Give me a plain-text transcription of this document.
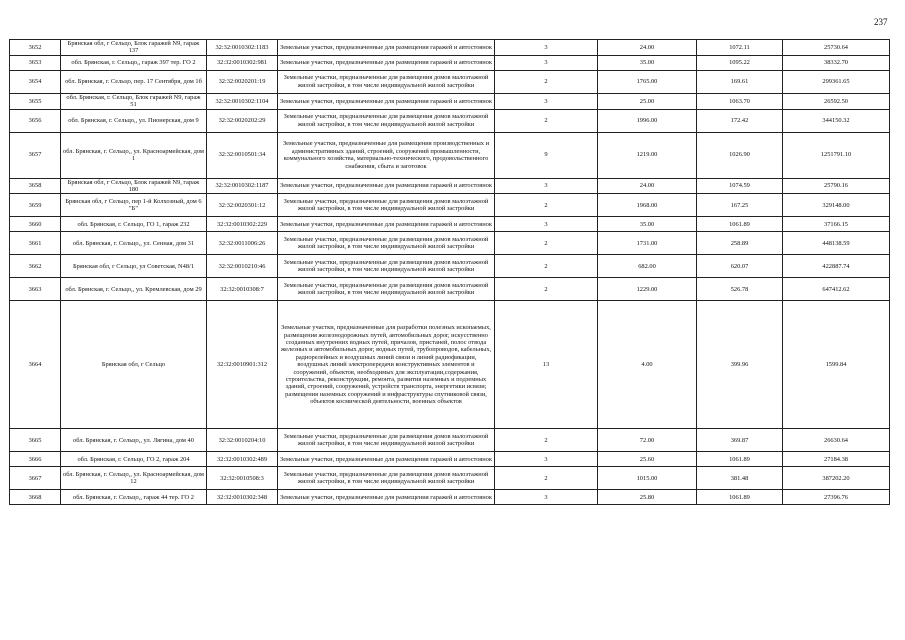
237
3652	Брянская обл, г Сельцо, Блок гаражей N9, гараж 137	32:32:0010302:1183	Земельные участки, предназначенные для размещения гаражей и автостоянок	3	24.00	1072.11	25730.64
3653	обл. Брянская, г. Сельцо,, гараж 397 тер. ГО 2	32:32:0010302:981	Земельные участки, предназначенные для размещения гаражей и автостоянок	3	35.00	1095.22	38332.70
3654	обл. Брянская, г. Сельцо, пер. 17 Сентября, дом 1б	32:32:0020201:19	Земельные участки, предназначенные для размещения домов малоэтажной жилой застройки, в том числе индивидуальной жилой застройки	2	1765.00	169.61	299361.65
3655	обл. Брянская, г. Сельцо, Блок гаражей N9, гараж 51	32:32:0010302:1104	Земельные участки, предназначенные для размещения гаражей и автостоянок	3	25.00	1063.70	26592.50
3656	обл. Брянская, г. Сельцо,, ул. Пионерская, дом 9	32:32:0020202:29	Земельные участки, предназначенные для размещения домов малоэтажной жилой застройки, в том числе индивидуальной жилой застройки	2	1996.00	172.42	344150.32
3657	обл. Брянская, г. Сельцо,, ул. Красноармейская, дом 1	32:32:0010501:34	Земельные участки, предназначенные для размещения производственных и административных зданий, строений, сооружений промышленности, коммунального хозяйства, материально-технического, продовольственного снабжения, сбыта и заготовок	9	1219.00	1026.90	1251791.10
3658	Брянская обл, г Сельцо, Блок гаражей N9, гараж 180	32:32:0010302:1187	Земельные участки, предназначенные для размещения гаражей и автостоянок	3	24.00	1074.59	25790.16
3659	Брянская обл, г Сельцо, пер 1-й Колхозный, дом 6 "Б"	32:32:0020301:12	Земельные участки, предназначенные для размещения домов малоэтажной жилой застройки, в том числе индивидуальной жилой застройки	2	1968.00	167.25	329148.00
3660	обл. Брянская, г. Сельцо, ГО 1, гараж 232	32:32:0010302:229	Земельные участки, предназначенные для размещения гаражей и автостоянок	3	35.00	1061.89	37166.15
3661	обл. Брянская, г. Сельцо,, ул. Сенная, дом 31	32:32:0011006:26	Земельные участки, предназначенные для размещения домов малоэтажной жилой застройки, в том числе индивидуальной жилой застройки	2	1731.00	258.89	448138.59
3662	Брянская обл, г Сельцо, ул Советская, N48/1	32:32:0010210:46	Земельные участки, предназначенные для размещения домов малоэтажной жилой застройки, в том числе индивидуальной жилой застройки	2	682.00	620.07	422887.74
3663	обл. Брянская, г. Сельцо,, ул. Кремлевская, дом 29	32:32:0010308:7	Земельные участки, предназначенные для размещения домов малоэтажной жилой застройки, в том числе индивидуальной жилой застройки	2	1229.00	526.78	647412.62
3664	Брянская обл, г Сельцо	32:32:0010901:312	Земельные участки, предназначенные для разработки полезных ископаемых, размещения железнодорожных путей, автомобильных дорог, искусственно созданных внутренних водных путей, причалов, пристаней, полос отвода железных и автомобильных дорог, водных путей, трубопроводов, кабельных, радиорелейных и воздушных линий связи и линий радиофикации, воздушных линий электропередачи конструктивных элементов и сооружений, объектов, необходимых для эксплуатации,содержания, строительства, реконструкции, ремонта, развития наземных и подземных зданий, строений, сооружений, устройств транспорта, энергетики исвязи; размещения наземных сооружений и инфраструктуры спутниковой связи, объектов космической деятельности, военных объектов	13	4.00	399.96	1599.84
3665	обл. Брянская, г. Сельцо,, ул. Лягина, дом 40	32:32:0010204:10	Земельные участки, предназначенные для размещения домов малоэтажной жилой застройки, в том числе индивидуальной жилой застройки	2	72.00	369.87	26630.64
3666	обл. Брянская, г. Сельцо, ГО 2, гараж 204	32:32:0010302:489	Земельные участки, предназначенные для размещения гаражей и автостоянок	3	25.60	1061.89	27184.38
3667	обл. Брянская, г. Сельцо,, ул. Красноармейская, дом 12	32:32:0010508:3	Земельные участки, предназначенные для размещения домов малоэтажной жилой застройки, в том числе индивидуальной жилой застройки	2	1015.00	381.48	387202.20
3668	обл. Брянская, г. Сельцо,, гараж 44 тер. ГО 2	32:32:0010302:348	Земельные участки, предназначенные для размещения гаражей и автостоянок	3	25.80	1061.89	27396.76
